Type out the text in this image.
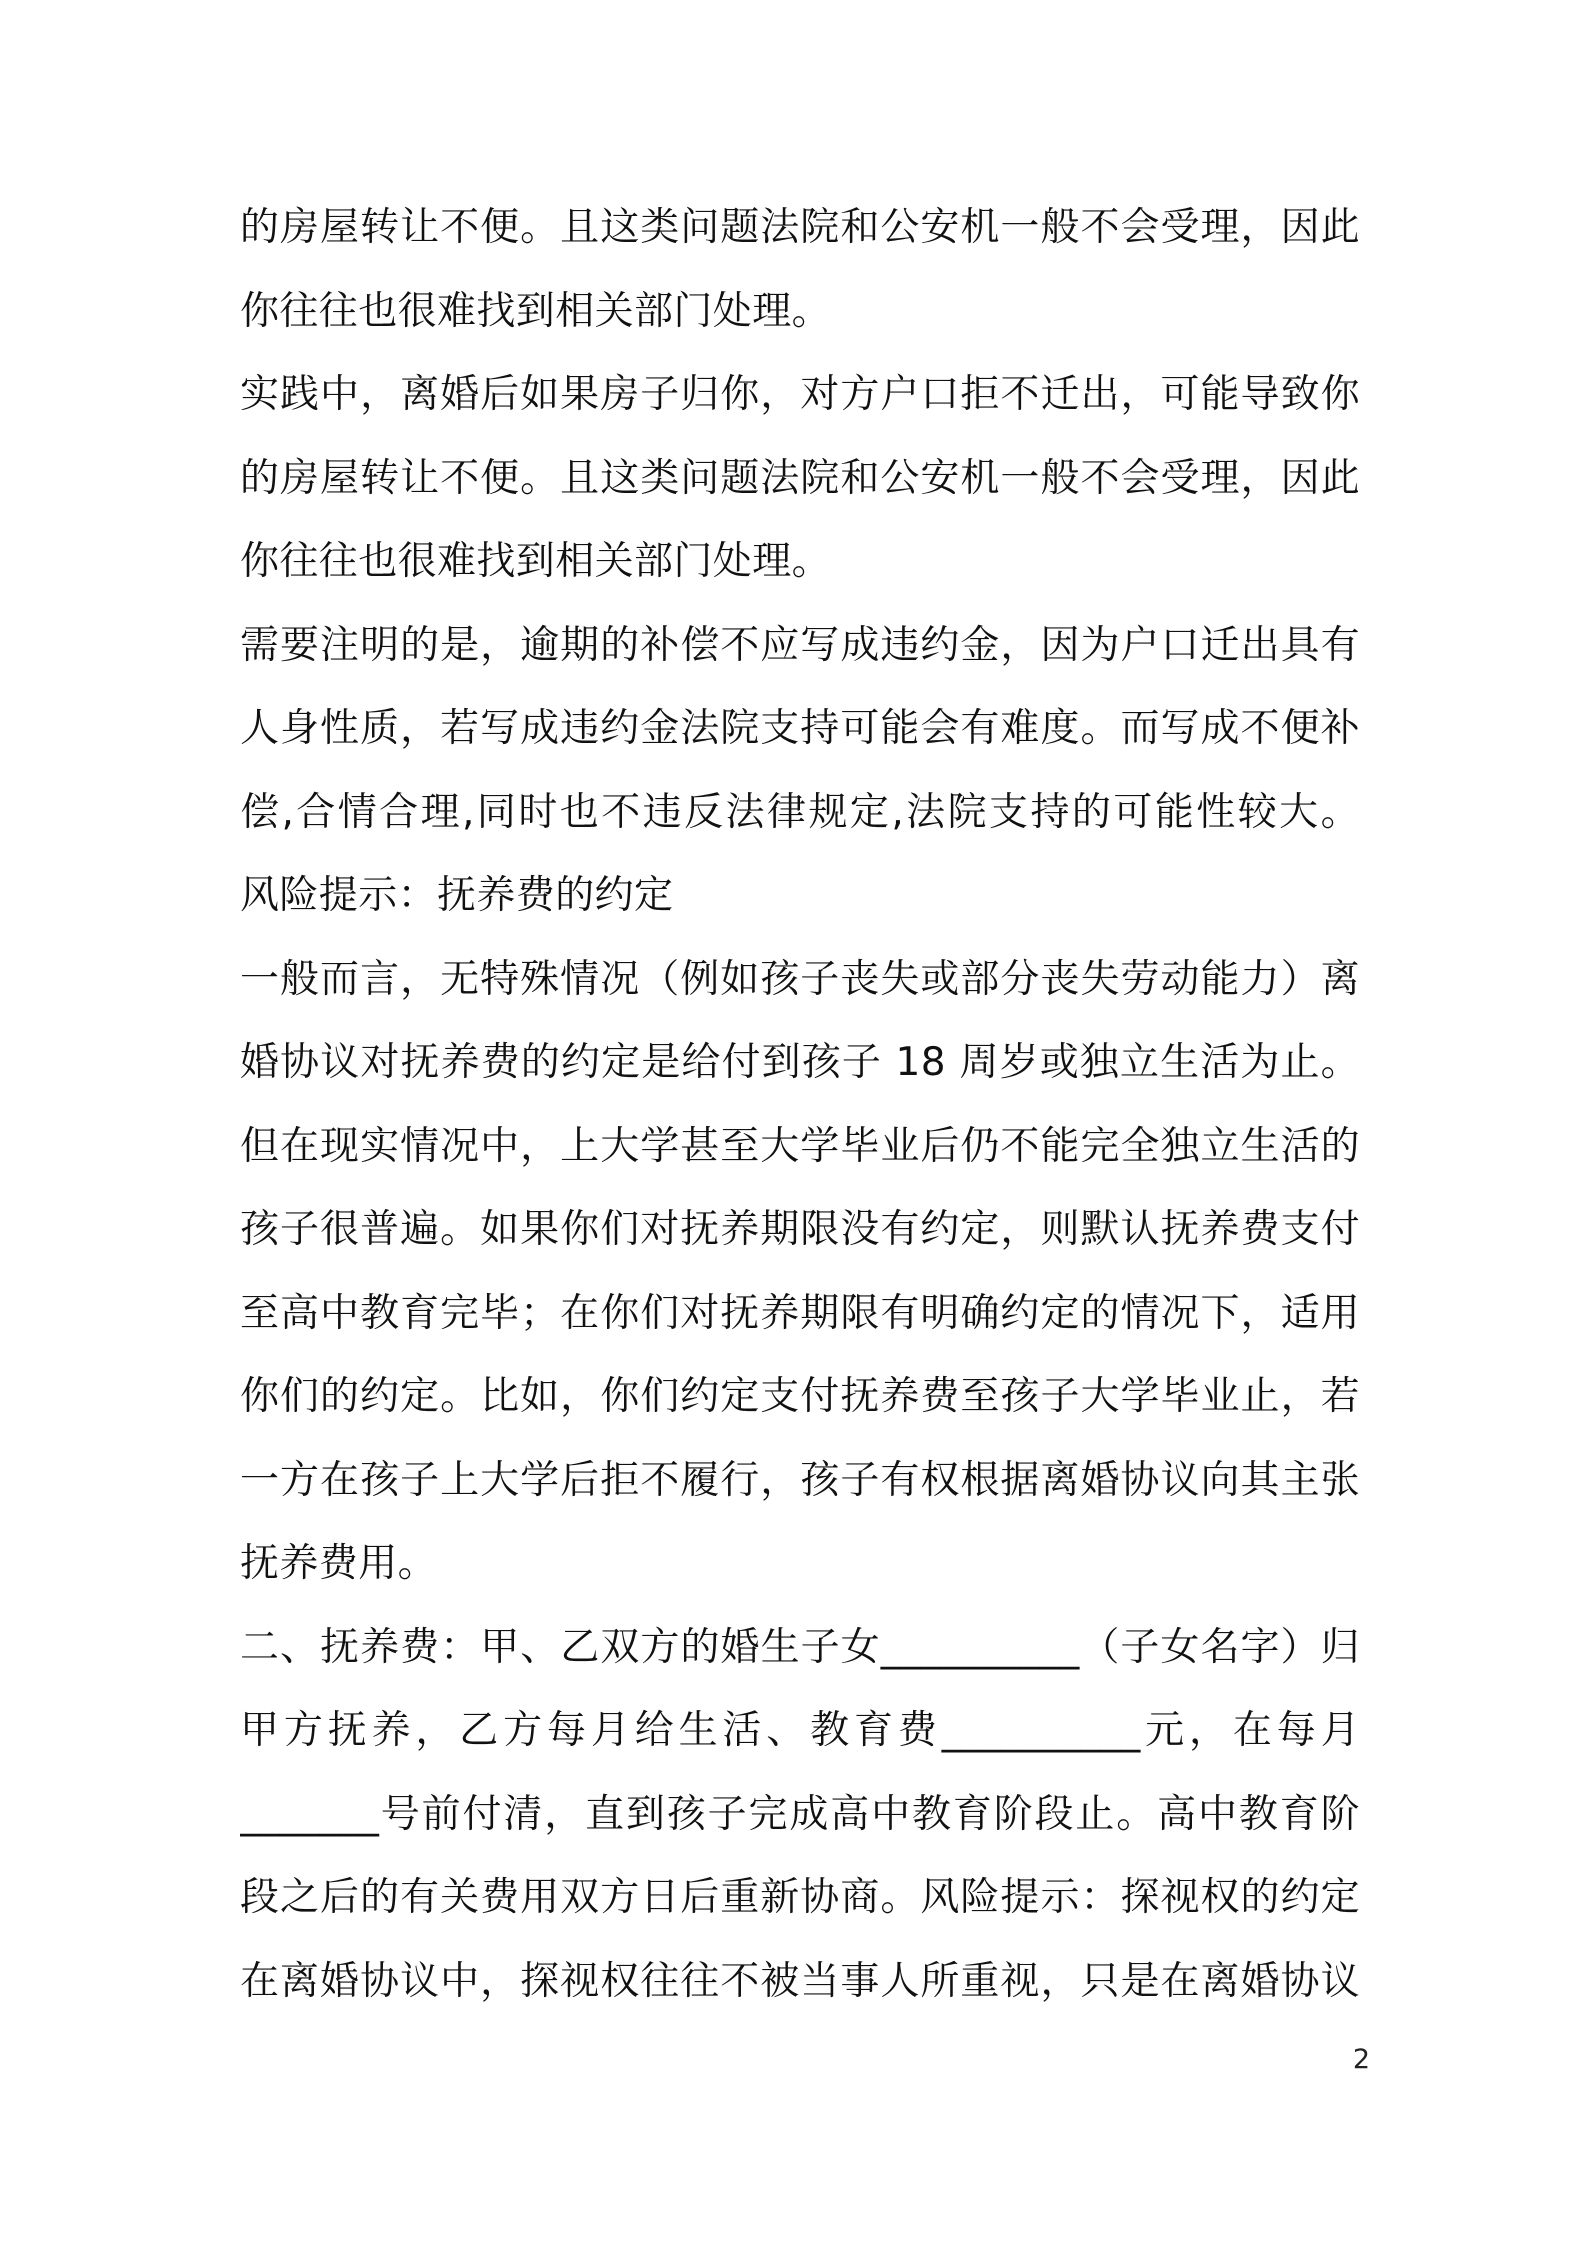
的房屋转让不便。且这类问题法院和公安机一般不会受理，因此
你往往也很难找到相关部门处理。
实践中，离婚后如果房子归你，对方户口拒不迁出，可能导致你
的房屋转让不便。且这类问题法院和公安机一般不会受理，因此
你往往也很难找到相关部门处理。
需要注明的是，逾期的补偿不应写成违约金，因为户口迁出具有
人身性质，若写成违约金法院支持可能会有难度。而写成不便补
偿,合情合理,同时也不违反法律规定,法院支持的可能性较大。
风险提示：抚养费的约定
一般而言，无特殊情况（例如孩子丧失或部分丧失劳动能力）离
婚协议对抚养费的约定是给付到孩子 18 周岁或独立生活为止。
但在现实情况中，上大学甚至大学毕业后仍不能完全独立生活的
孩子很普遍。如果你们对抚养期限没有约定，则默认抚养费支付
至高中教育完毕；在你们对抚养期限有明确约定的情况下，适用
你们的约定。比如，你们约定支付抚养费至孩子大学毕业止，若
一方在孩子上大学后拒不履行，孩子有权根据离婚协议向其主张
抚养费用。
二、抚养费：甲、乙双方的婚生子女__________（子女名字）归
甲方抚养，乙方每月给生活、教育费__________元，在每月
_______号前付清，直到孩子完成高中教育阶段止。高中教育阶
段之后的有关费用双方日后重新协商。风险提示：探视权的约定
在离婚协议中，探视权往往不被当事人所重视，只是在离婚协议
2
